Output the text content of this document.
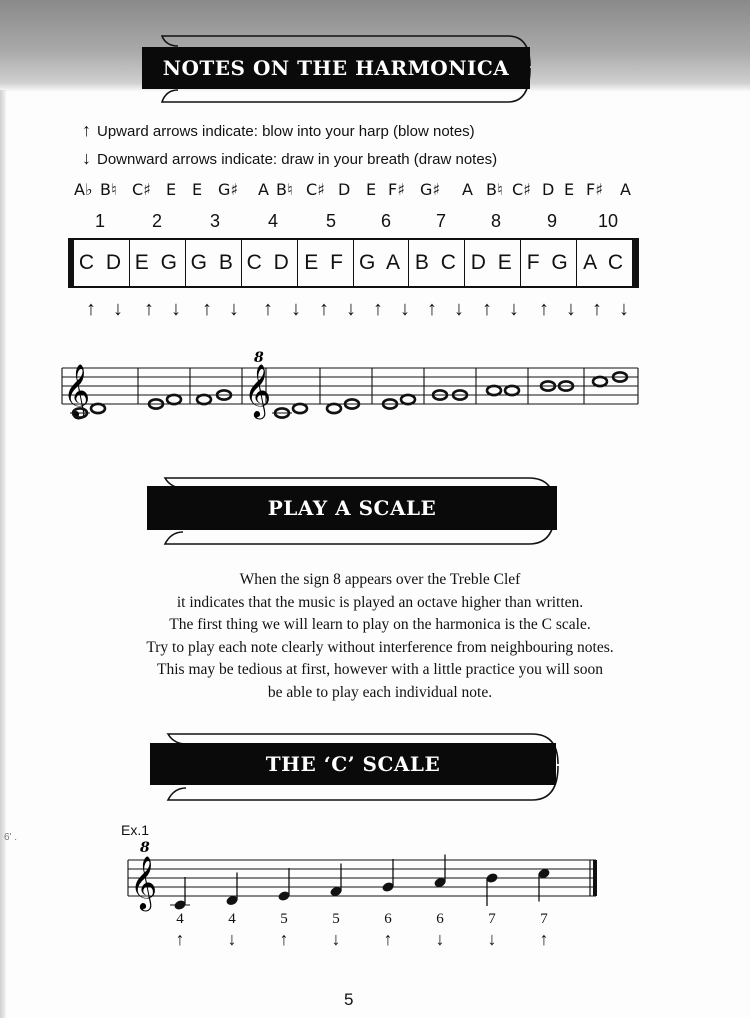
NOTES ON THE HARMONICA
↑ Upward arrows indicate: blow into your harp (blow notes)
↓ Downward arrows indicate: draw in your breath (draw notes)
A♭ B♮ C♯ E E G♯ A B♮ C♯ D E F♯ G♯ A B♮ C♯ D E F♯ A
1	2	3	4	5 6 7 8	9 10
C D E G G B C D E F G A B C D E F G A C
↑ ↓ ↑ ↓ ↑ ↓ ↑ ↓ ↑ ↓ ↑ ↓ ↑ ↓ ↑ ↓ ↑ ↓ ↑ ↓
𝄞	𝄞
8
PLAY A SCALE
When the sign 8 appears over the Treble Clef
it indicates that the music is played an octave higher than written.
The first thing we will learn to play on the harmonica is the C scale.
Try to play each note clearly without interference from neighbouring notes.
This may be tedious at first, however with a little practice you will soon
be able to play each individual note.
THE ‘C’ SCALE
Ex.1
𝄞
8
4	4	5	5	6	6	7	7
↑ ↓ ↑ ↓ ↑ ↓ ↓ ↑
6' .
5
